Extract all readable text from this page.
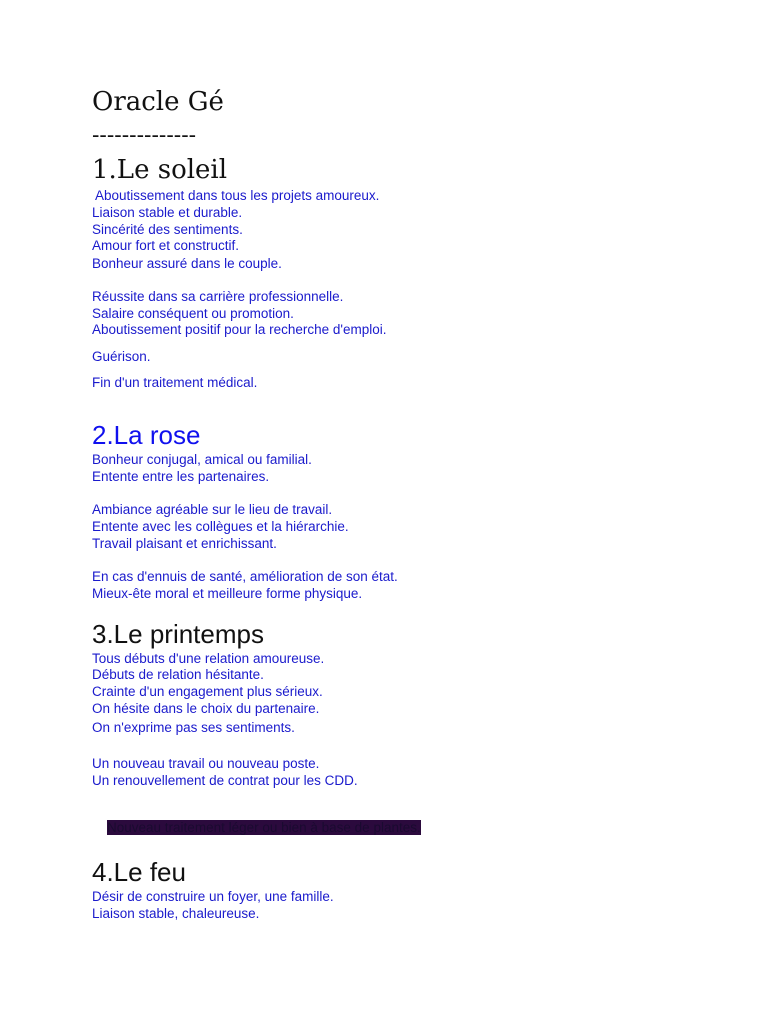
Oracle Gé
--------------
1.Le soleil
Aboutissement dans tous les projets amoureux.
Liaison stable et durable.
Sincérité des sentiments.
Amour fort et constructif.
Bonheur assuré dans le couple.
Réussite dans sa carrière professionnelle.
Salaire conséquent ou promotion.
Aboutissement positif pour la recherche d'emploi.
Guérison.
Fin d'un traitement médical.
2.La rose
Bonheur conjugal, amical ou familial.
Entente entre les partenaires.
Ambiance agréable sur le lieu de travail.
Entente avec les collègues et la hiérarchie.
Travail plaisant et enrichissant.
En cas d'ennuis de santé, amélioration de son état.
Mieux-ête moral et meilleure forme physique.
3.Le printemps
Tous débuts d'une relation amoureuse.
Débuts de relation hésitante.
Crainte d'un engagement plus sérieux.
On hésite dans le choix du partenaire.
On n'exprime pas ses sentiments.
Un nouveau travail ou nouveau poste.
Un renouvellement de contrat pour les CDD.

Nouveau traitement léger ou bien à base de plantes.

4.Le feu
Désir de construire un foyer, une famille.
Liaison stable, chaleureuse.
